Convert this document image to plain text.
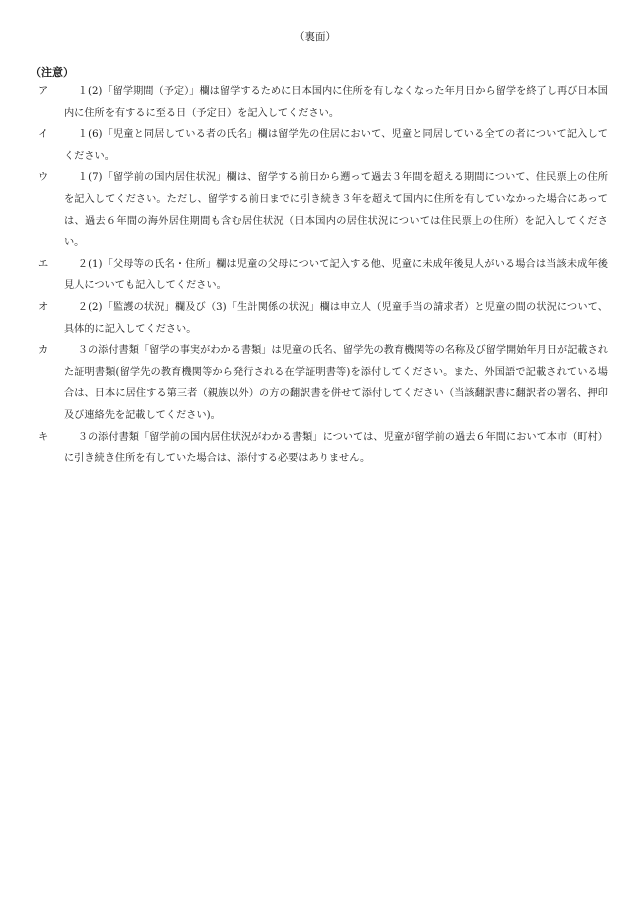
（裏面）
（注意）
ア	１(2)「留学期間（予定）」欄は留学するために日本国内に住所を有しなくなった年月日から留学を終了し再び日本国内に住所を有するに至る日（予定日）を記入してください。
イ	１(6)「児童と同居している者の氏名」欄は留学先の住居において、児童と同居している全ての者について記入してください。
ウ	１(7)「留学前の国内居住状況」欄は、留学する前日から遡って過去３年間を超える期間について、住民票上の住所を記入してください。ただし、留学する前日までに引き続き３年を超えて国内に住所を有していなかった場合にあっては、過去６年間の海外居住期間も含む居住状況（日本国内の居住状況については住民票上の住所）を記入してください。
エ	２(1)「父母等の氏名・住所」欄は児童の父母について記入する他、児童に未成年後見人がいる場合は当該未成年後見人についても記入してください。
オ	２(2)「監護の状況」欄及び（3)「生計関係の状況」欄は申立人（児童手当の請求者）と児童の間の状況について、具体的に記入してください。
カ	３の添付書類「留学の事実がわかる書類」は児童の氏名、留学先の教育機関等の名称及び留学開始年月日が記載された証明書類(留学先の教育機関等から発行される在学証明書等)を添付してください。また、外国語で記載されている場合は、日本に居住する第三者（親族以外）の方の翻訳書を併せて添付してください（当該翻訳書に翻訳者の署名、押印及び連絡先を記載してください)。
キ	３の添付書類「留学前の国内居住状況がわかる書類」については、児童が留学前の過去６年間において本市（町村）に引き続き住所を有していた場合は、添付する必要はありません。
